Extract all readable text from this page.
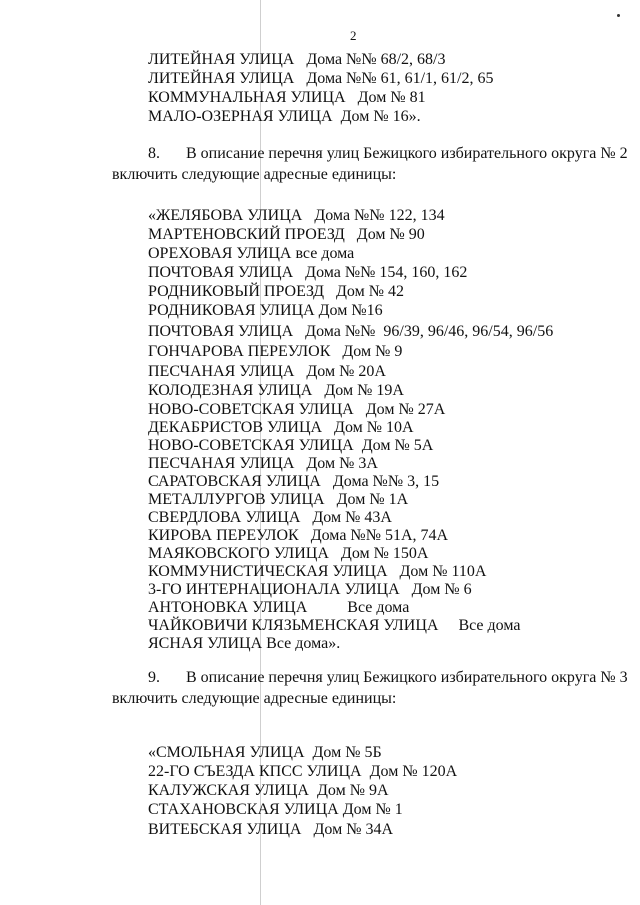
2
ЛИТЕЙНАЯ УЛИЦА   Дома №№ 68/2, 68/3
ЛИТЕЙНАЯ УЛИЦА   Дома №№ 61, 61/1, 61/2, 65
КОММУНАЛЬНАЯ УЛИЦА   Дом № 81
МАЛО-ОЗЕРНАЯ УЛИЦА  Дом № 16».
8. В описание перечня улиц Бежицкого избирательного округа № 2
включить следующие адресные единицы:
«ЖЕЛЯБОВА УЛИЦА   Дома №№ 122, 134
МАРТЕНОВСКИЙ ПРОЕЗД   Дом № 90
ОРЕХОВАЯ УЛИЦА все дома
ПОЧТОВАЯ УЛИЦА   Дома №№ 154, 160, 162
РОДНИКОВЫЙ ПРОЕЗД   Дом № 42
РОДНИКОВАЯ УЛИЦА Дом №16
ПОЧТОВАЯ УЛИЦА   Дома №№  96/39, 96/46, 96/54, 96/56
ГОНЧАРОВА ПЕРЕУЛОК   Дом № 9
ПЕСЧАНАЯ УЛИЦА   Дом № 20А
КОЛОДЕЗНАЯ УЛИЦА   Дом № 19А
НОВО-СОВЕТСКАЯ УЛИЦА   Дом № 27А
ДЕКАБРИСТОВ УЛИЦА   Дом № 10А
НОВО-СОВЕТСКАЯ УЛИЦА  Дом № 5А
ПЕСЧАНАЯ УЛИЦА   Дом № 3А
САРАТОВСКАЯ УЛИЦА   Дома №№ 3, 15
МЕТАЛЛУРГОВ УЛИЦА   Дом № 1А
СВЕРДЛОВА УЛИЦА   Дом № 43А
КИРОВА ПЕРЕУЛОК   Дома №№ 51А, 74А
МАЯКОВСКОГО УЛИЦА   Дом № 150А
КОММУНИСТИЧЕСКАЯ УЛИЦА   Дом № 110А
3-ГО ИНТЕРНАЦИОНАЛА УЛИЦА   Дом № 6
АНТОНОВКА УЛИЦА          Все дома
ЧАЙКОВИЧИ КЛЯЗЬМЕНСКАЯ УЛИЦА     Все дома
ЯСНАЯ УЛИЦА Все дома».
9. В описание перечня улиц Бежицкого избирательного округа № 3
включить следующие адресные единицы:
«СМОЛЬНАЯ УЛИЦА  Дом № 5Б
22-ГО СЪЕЗДА КПСС УЛИЦА  Дом № 120А
КАЛУЖСКАЯ УЛИЦА  Дом № 9А
СТАХАНОВСКАЯ УЛИЦА Дом № 1
ВИТЕБСКАЯ УЛИЦА   Дом № 34А
